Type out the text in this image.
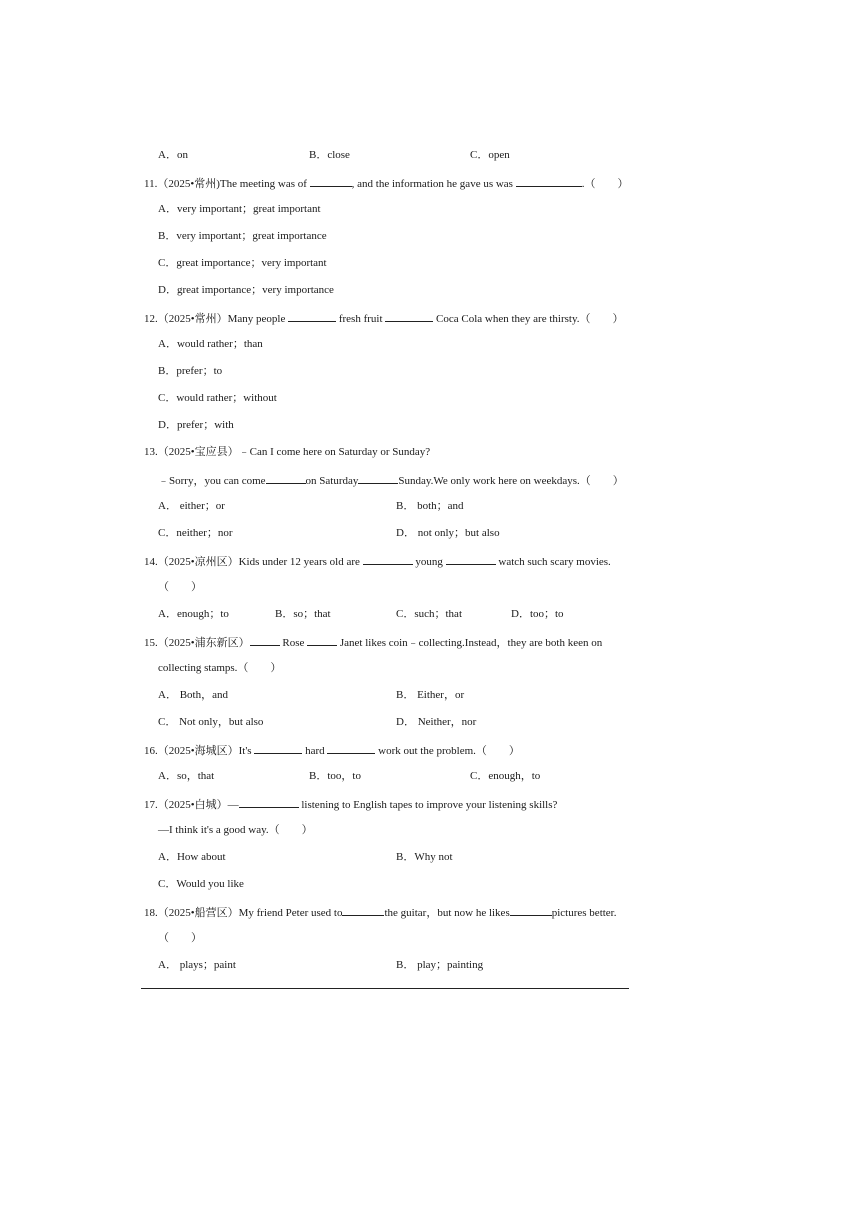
A．on	B．close	C．open
11.（2025•常州)The meeting was of	, and the information he gave us was	.（　　）
A．very important；great important
B．very important；great importance
C．great importance；very important
D．great importance；very importance
12.（2025•常州）Many people	fresh fruit	Coca Cola when they are thirsty.（　　）
A．would rather；than
B．prefer；to
C．would rather；without
D．prefer；with
13.（2025•宝应县）﹣Can I come here on Saturday or Sunday?
﹣Sorry，you can come	on Saturday	Sunday.We only work here on weekdays.（　　）
A． either；or	B． both；and
C．neither；nor	D． not only；but also
14.（2025•凉州区）Kids under 12 years old are	young	watch such scary movies.
（　　）
A．enough；to	B．so；that	C．such；that	D．too；to
15.（2025•浦东新区）	Rose	Janet likes coin﹣collecting.Instead，they are both keen on
collecting stamps.（　　）
A． Both，and	B． Either，or
C． Not only，but also	D． Neither，nor
16.（2025•海城区）It's	hard	work out the problem.（　　）
A．so，that	B．too，to	C．enough，to
17.（2025•白城）—	listening to English tapes to improve your listening skills?
—I think it's a good way.（　　）
A．How about	B．Why not
C．Would you like
18.（2025•船营区）My friend Peter used to	the guitar，but now he likes	pictures better.
（　　）
A． plays；paint	B． play；painting
